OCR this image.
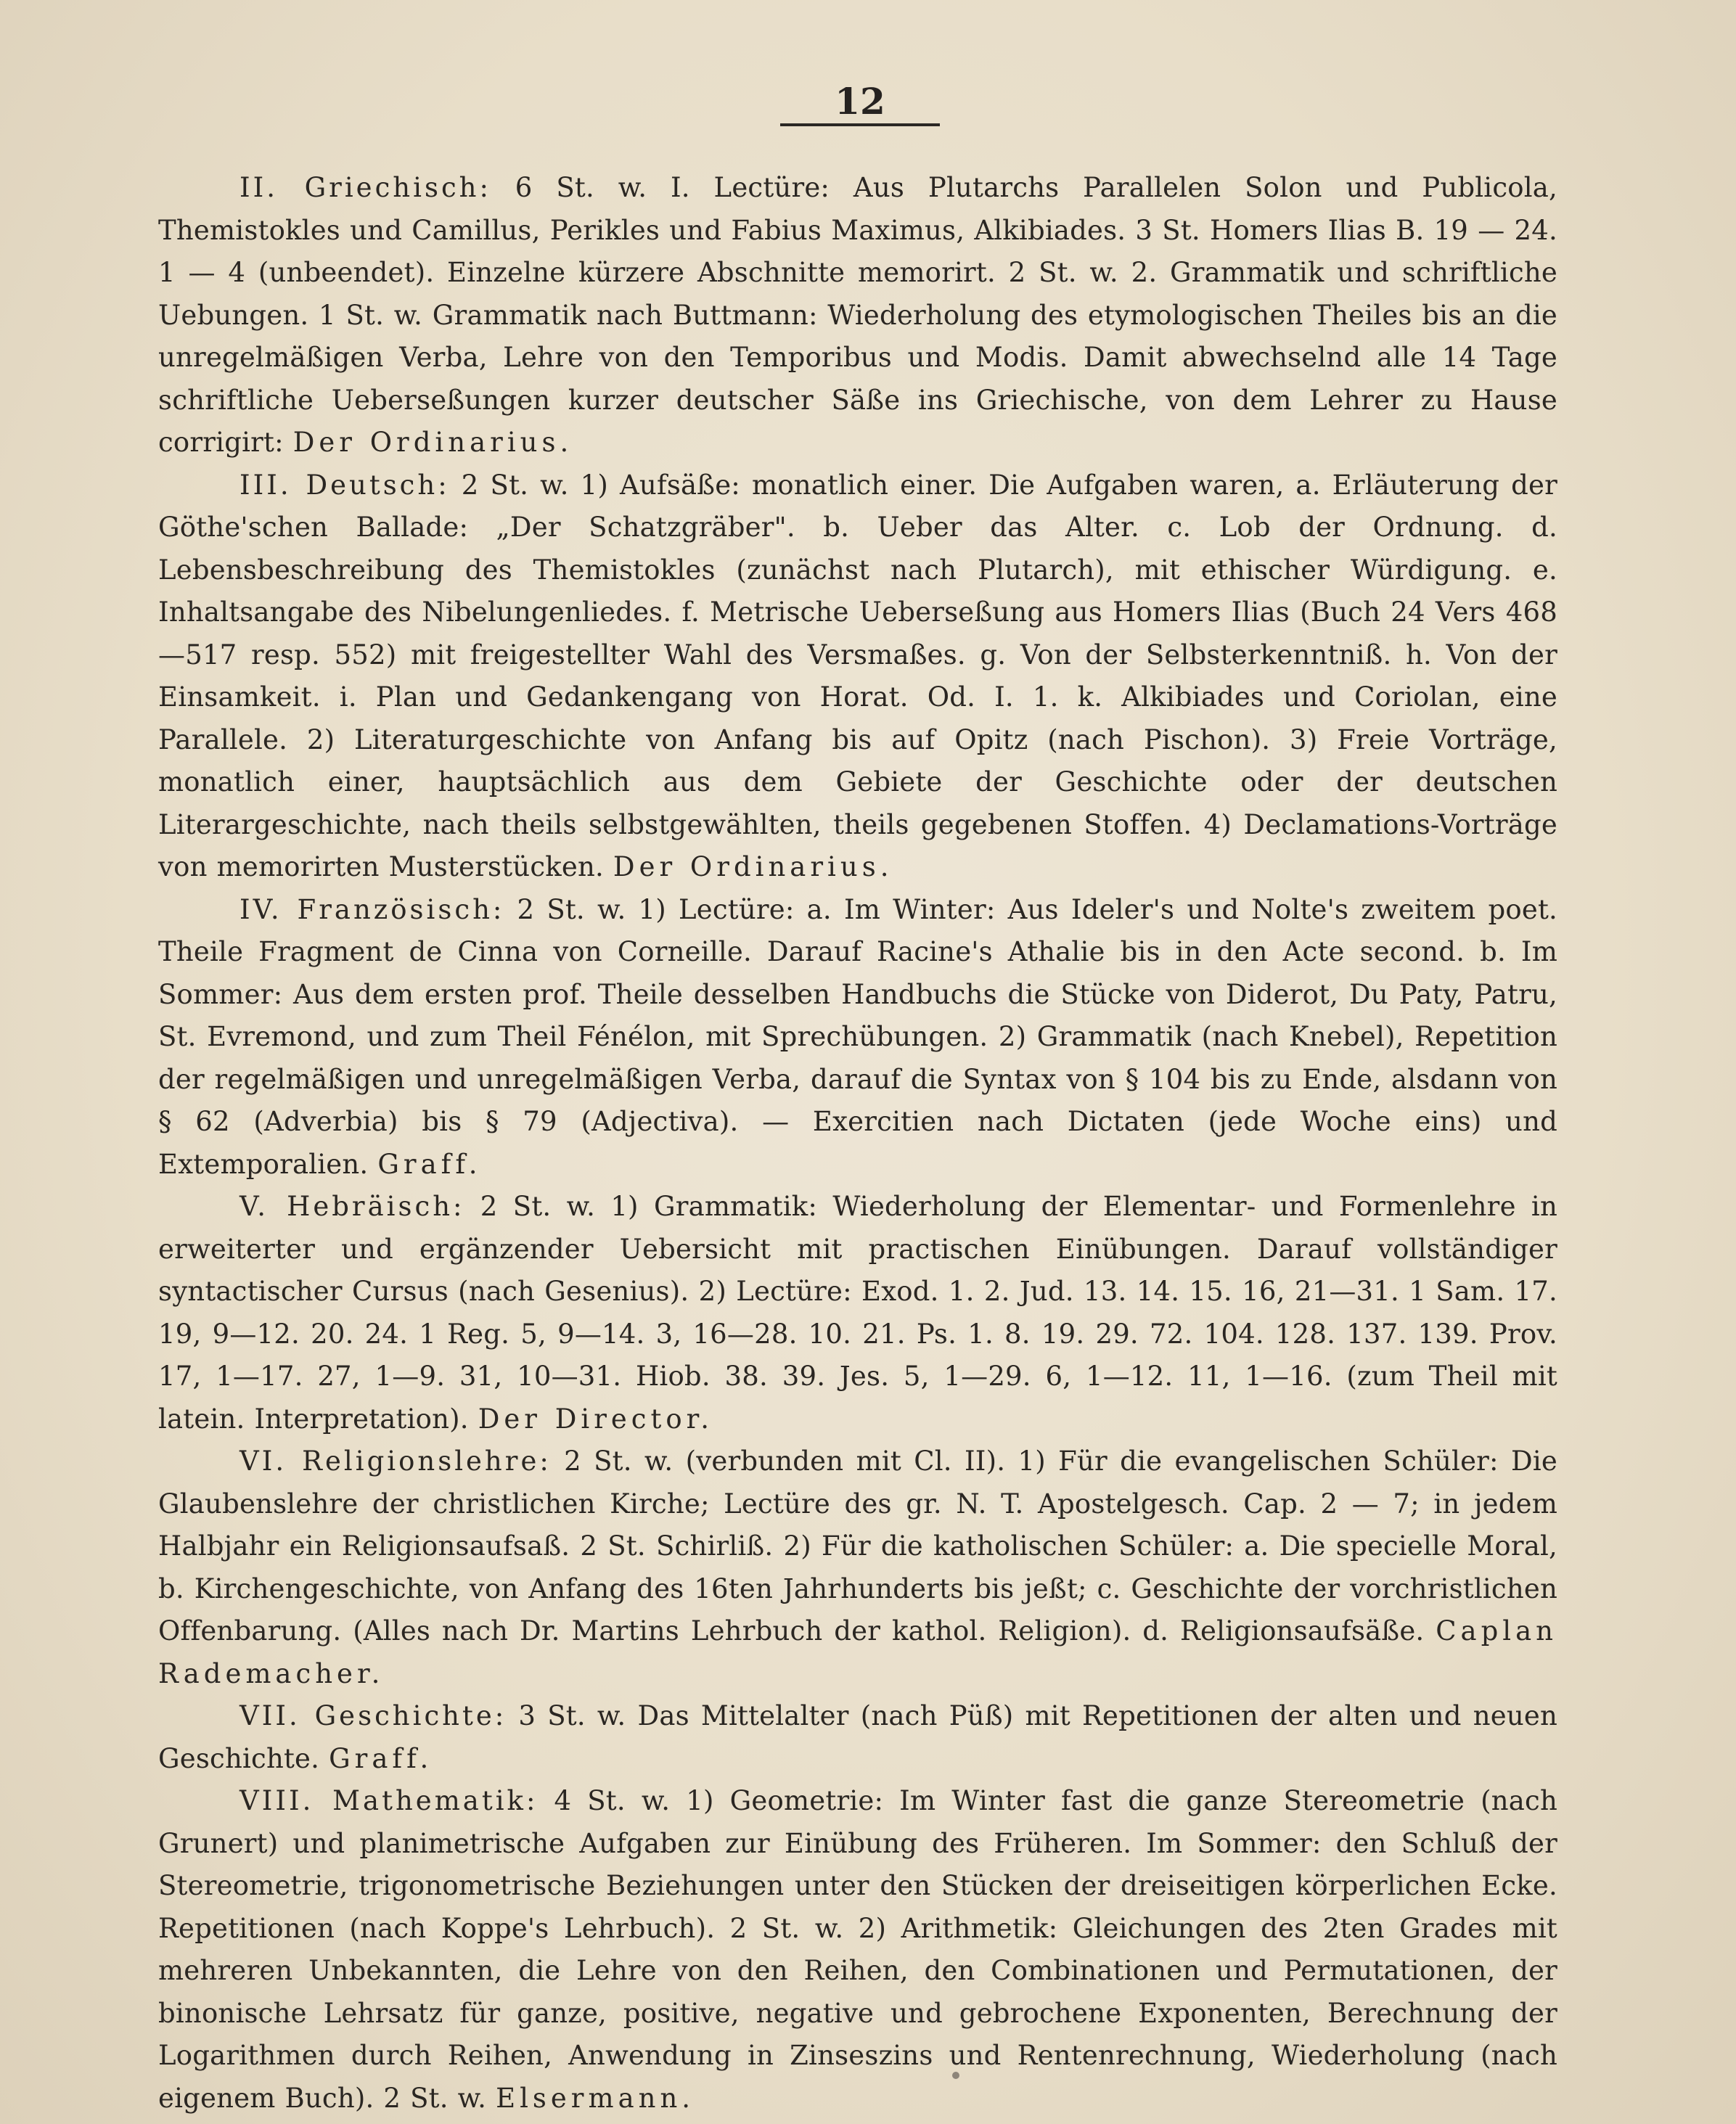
12

II. Griechisch: 6 St. w. I. Lectüre: Aus Plutarchs Parallelen Solon und Publicola, Themistokles und Camillus, Perikles und Fabius Maximus, Alkibiades. 3 St. Homers Ilias B. 19 — 24. 1 — 4 (unbeendet). Einzelne kürzere Abschnitte memorirt. 2 St. w. 2. Grammatik und schriftliche Uebungen. 1 St. w. Grammatik nach Buttmann: Wiederholung des etymologischen Theiles bis an die unregelmäßigen Verba, Lehre von den Temporibus und Modis. Damit abwechselnd alle 14 Tage schriftliche Ueberseßungen kurzer deutscher Säße ins Griechische, von dem Lehrer zu Hause corrigirt: Der Ordinarius.

III. Deutsch: 2 St. w. 1) Aufsäße: monatlich einer. Die Aufgaben waren, a. Erläuterung der Göthe'schen Ballade: „Der Schatzgräber". b. Ueber das Alter. c. Lob der Ordnung. d. Lebensbeschreibung des Themistokles (zunächst nach Plutarch), mit ethischer Würdigung. e. Inhaltsangabe des Nibelungenliedes. f. Metrische Ueberseßung aus Homers Ilias (Buch 24 Vers 468—517 resp. 552) mit freigestellter Wahl des Versmaßes. g. Von der Selbsterkenntniß. h. Von der Einsamkeit. i. Plan und Gedankengang von Horat. Od. I. 1. k. Alkibiades und Coriolan, eine Parallele. 2) Literaturgeschichte von Anfang bis auf Opitz (nach Pischon). 3) Freie Vorträge, monatlich einer, hauptsächlich aus dem Gebiete der Geschichte oder der deutschen Literargeschichte, nach theils selbstgewählten, theils gegebenen Stoffen. 4) Declamations-Vorträge von memorirten Musterstücken. Der Ordinarius.

IV. Französisch: 2 St. w. 1) Lectüre: a. Im Winter: Aus Ideler's und Nolte's zweitem poet. Theile Fragment de Cinna von Corneille. Darauf Racine's Athalie bis in den Acte second. b. Im Sommer: Aus dem ersten prof. Theile desselben Handbuchs die Stücke von Diderot, Du Paty, Patru, St. Evremond, und zum Theil Fénélon, mit Sprechübungen. 2) Grammatik (nach Knebel), Repetition der regelmäßigen und unregelmäßigen Verba, darauf die Syntax von § 104 bis zu Ende, alsdann von § 62 (Adverbia) bis § 79 (Adjectiva). — Exercitien nach Dictaten (jede Woche eins) und Extemporalien. Graff.

V. Hebräisch: 2 St. w. 1) Grammatik: Wiederholung der Elementar- und Formenlehre in erweiterter und ergänzender Uebersicht mit practischen Einübungen. Darauf vollständiger syntactischer Cursus (nach Gesenius). 2) Lectüre: Exod. 1. 2. Jud. 13. 14. 15. 16, 21—31. 1 Sam. 17. 19, 9—12. 20. 24. 1 Reg. 5, 9—14. 3, 16—28. 10. 21. Ps. 1. 8. 19. 29. 72. 104. 128. 137. 139. Prov. 17, 1—17. 27, 1—9. 31, 10—31. Hiob. 38. 39. Jes. 5, 1—29. 6, 1—12. 11, 1—16. (zum Theil mit latein. Interpretation). Der Director.

VI. Religionslehre: 2 St. w. (verbunden mit Cl. II). 1) Für die evangelischen Schüler: Die Glaubenslehre der christlichen Kirche; Lectüre des gr. N. T. Apostelgesch. Cap. 2 — 7; in jedem Halbjahr ein Religionsaufsaß. 2 St. Schirliß. 2) Für die katholischen Schüler: a. Die specielle Moral, b. Kirchengeschichte, von Anfang des 16ten Jahrhunderts bis jeßt; c. Geschichte der vorchristlichen Offenbarung. (Alles nach Dr. Martins Lehrbuch der kathol. Religion). d. Religionsaufsäße. Caplan Rademacher.

VII. Geschichte: 3 St. w. Das Mittelalter (nach Püß) mit Repetitionen der alten und neuen Geschichte. Graff.

VIII. Mathematik: 4 St. w. 1) Geometrie: Im Winter fast die ganze Stereometrie (nach Grunert) und planimetrische Aufgaben zur Einübung des Früheren. Im Sommer: den Schluß der Stereometrie, trigonometrische Beziehungen unter den Stücken der dreiseitigen körperlichen Ecke. Repetitionen (nach Koppe's Lehrbuch). 2 St. w. 2) Arithmetik: Gleichungen des 2ten Grades mit mehreren Unbekannten, die Lehre von den Reihen, den Combinationen und Permutationen, der binonische Lehrsatz für ganze, positive, negative und gebrochene Exponenten, Berechnung der Logarithmen durch Reihen, Anwendung in Zinseszins und Rentenrechnung, Wiederholung (nach eigenem Buch). 2 St. w. Elsermann.
